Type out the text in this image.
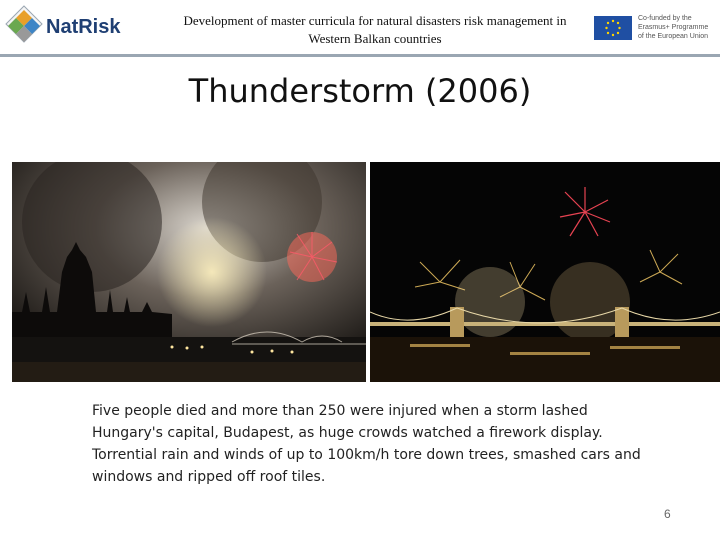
NatRisk	Development of master curricula for natural disasters risk management in
Western Balkan countries
Co-funded by the
Erasmus+ Programme
of the European Union
Thunderstorm (2006)
Five people died and more than 250 were injured when a storm lashed Hungary's capital, Budapest, as huge crowds watched a firework display. Torrential rain and winds of up to 100km/h tore down trees, smashed cars and windows and ripped off roof tiles.
6
